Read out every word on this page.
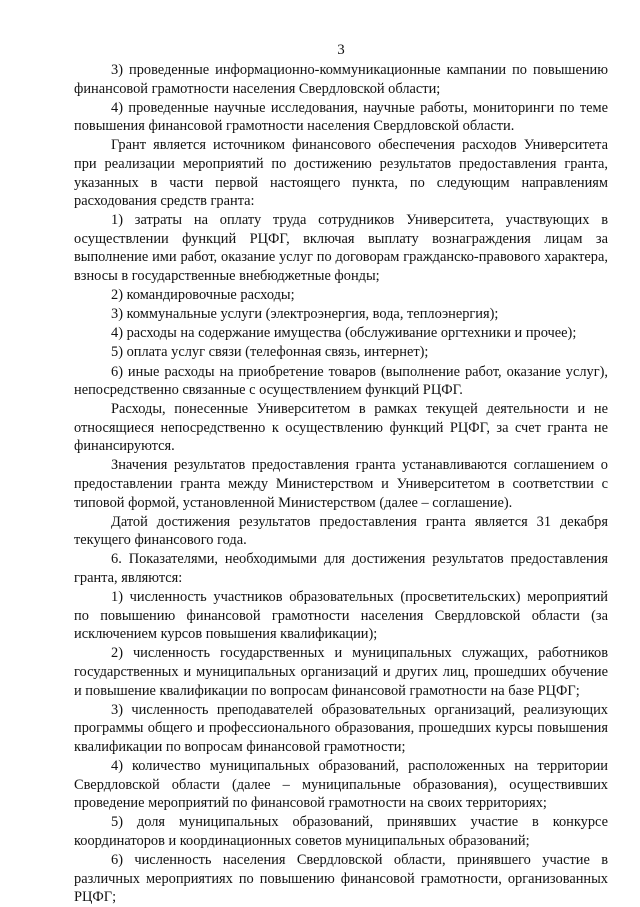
3

3) проведенные информационно-коммуникационные кампании по повышению финансовой грамотности населения Свердловской области;

4) проведенные научные исследования, научные работы, мониторинги по теме повышения финансовой грамотности населения Свердловской области.

Грант является источником финансового обеспечения расходов Университета при реализации мероприятий по достижению результатов предоставления гранта, указанных в части первой настоящего пункта, по следующим направлениям расходования средств гранта:

1) затраты на оплату труда сотрудников Университета, участвующих в осуществлении функций РЦФГ, включая выплату вознаграждения лицам за выполнение ими работ, оказание услуг по договорам гражданско-правового характера, взносы в государственные внебюджетные фонды;

2) командировочные расходы;

3) коммунальные услуги (электроэнергия, вода, теплоэнергия);

4) расходы на содержание имущества (обслуживание оргтехники и прочее);

5) оплата услуг связи (телефонная связь, интернет);

6) иные расходы на приобретение товаров (выполнение работ, оказание услуг), непосредственно связанные с осуществлением функций РЦФГ.

Расходы, понесенные Университетом в рамках текущей деятельности и не относящиеся непосредственно к осуществлению функций РЦФГ, за счет гранта не финансируются.

Значения результатов предоставления гранта устанавливаются соглашением о предоставлении гранта между Министерством и Университетом в соответствии с типовой формой, установленной Министерством (далее – соглашение).

Датой достижения результатов предоставления гранта является 31 декабря текущего финансового года.

6. Показателями, необходимыми для достижения результатов предоставления гранта, являются:

1) численность участников образовательных (просветительских) мероприятий по повышению финансовой грамотности населения Свердловской области (за исключением курсов повышения квалификации);

2) численность государственных и муниципальных служащих, работников государственных и муниципальных организаций и других лиц, прошедших обучение и повышение квалификации по вопросам финансовой грамотности на базе РЦФГ;

3) численность преподавателей образовательных организаций, реализующих программы общего и профессионального образования, прошедших курсы повышения квалификации по вопросам финансовой грамотности;

4) количество муниципальных образований, расположенных на территории Свердловской области (далее – муниципальные образования), осуществивших проведение мероприятий по финансовой грамотности на своих территориях;

5) доля муниципальных образований, принявших участие в конкурсе координаторов и координационных советов муниципальных образований;

6) численность населения Свердловской области, принявшего участие в различных мероприятиях по повышению финансовой грамотности, организованных РЦФГ;
